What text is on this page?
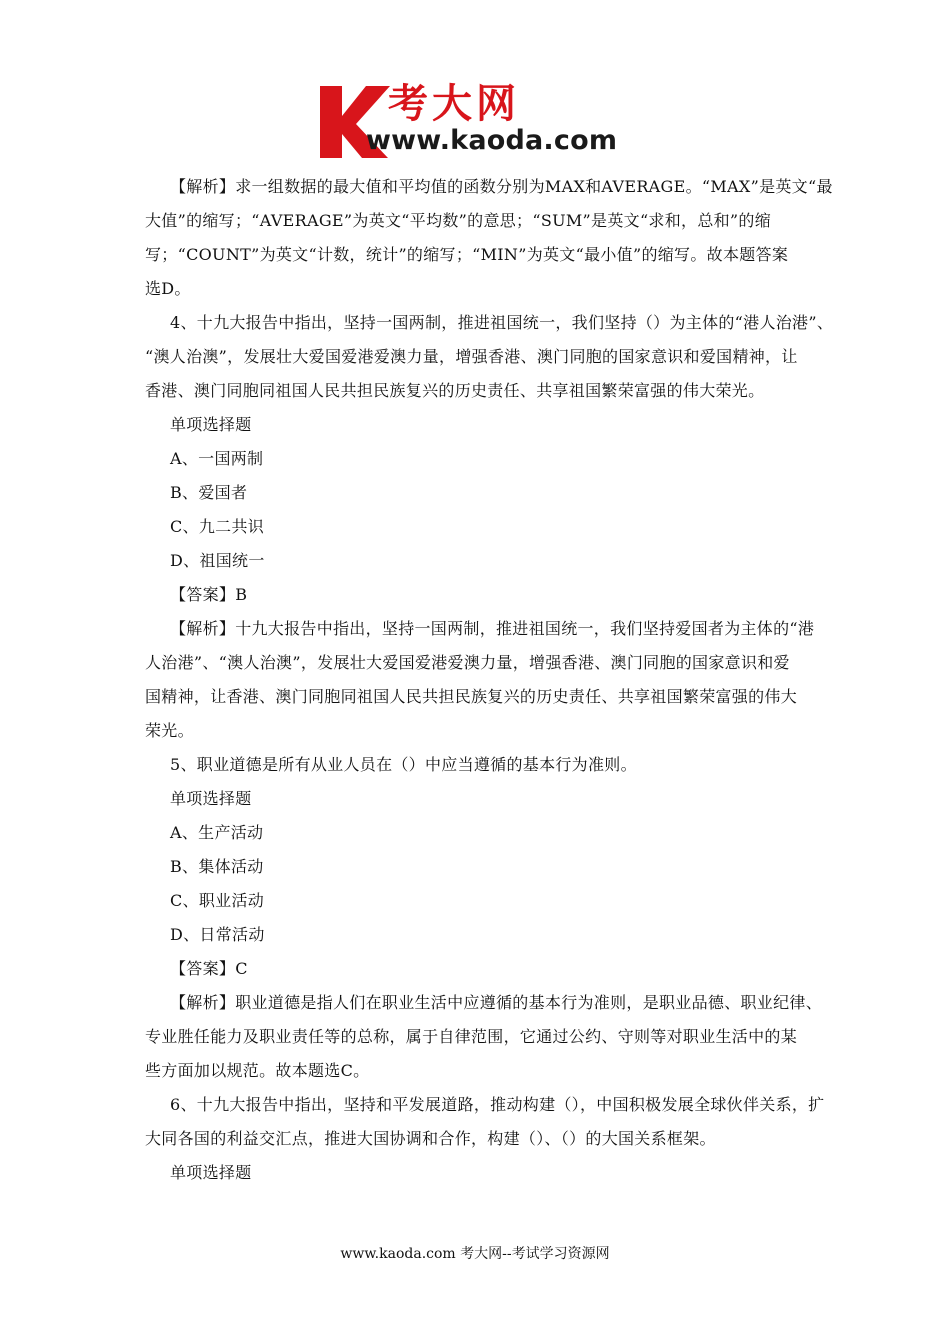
考大网
www.kaoda.com
【解析】求一组数据的最大值和平均值的函数分别为MAX和AVERAGE。“MAX”是英文“最
大值”的缩写；“AVERAGE”为英文“平均数”的意思；“SUM”是英文“求和，总和”的缩
写；“COUNT”为英文“计数，统计”的缩写；“MIN”为英文“最小值”的缩写。故本题答案
选D。
4、十九大报告中指出，坚持一国两制，推进祖国统一，我们坚持（）为主体的“港人治港”、
“澳人治澳”，发展壮大爱国爱港爱澳力量，增强香港、澳门同胞的国家意识和爱国精神，让
香港、澳门同胞同祖国人民共担民族复兴的历史责任、共享祖国繁荣富强的伟大荣光。
单项选择题
A、一国两制
B、爱国者
C、九二共识
D、祖国统一
【答案】B
【解析】十九大报告中指出，坚持一国两制，推进祖国统一，我们坚持爱国者为主体的“港
人治港”、“澳人治澳”，发展壮大爱国爱港爱澳力量，增强香港、澳门同胞的国家意识和爱
国精神，让香港、澳门同胞同祖国人民共担民族复兴的历史责任、共享祖国繁荣富强的伟大
荣光。
5、职业道德是所有从业人员在（）中应当遵循的基本行为准则。
单项选择题
A、生产活动
B、集体活动
C、职业活动
D、日常活动
【答案】C
【解析】职业道德是指人们在职业生活中应遵循的基本行为准则，是职业品德、职业纪律、
专业胜任能力及职业责任等的总称，属于自律范围，它通过公约、守则等对职业生活中的某
些方面加以规范。故本题选C。
6、十九大报告中指出，坚持和平发展道路，推动构建（），中国积极发展全球伙伴关系，扩
大同各国的利益交汇点，推进大国协调和合作，构建（）、（）的大国关系框架。
单项选择题
www.kaoda.com 考大网--考试学习资源网
